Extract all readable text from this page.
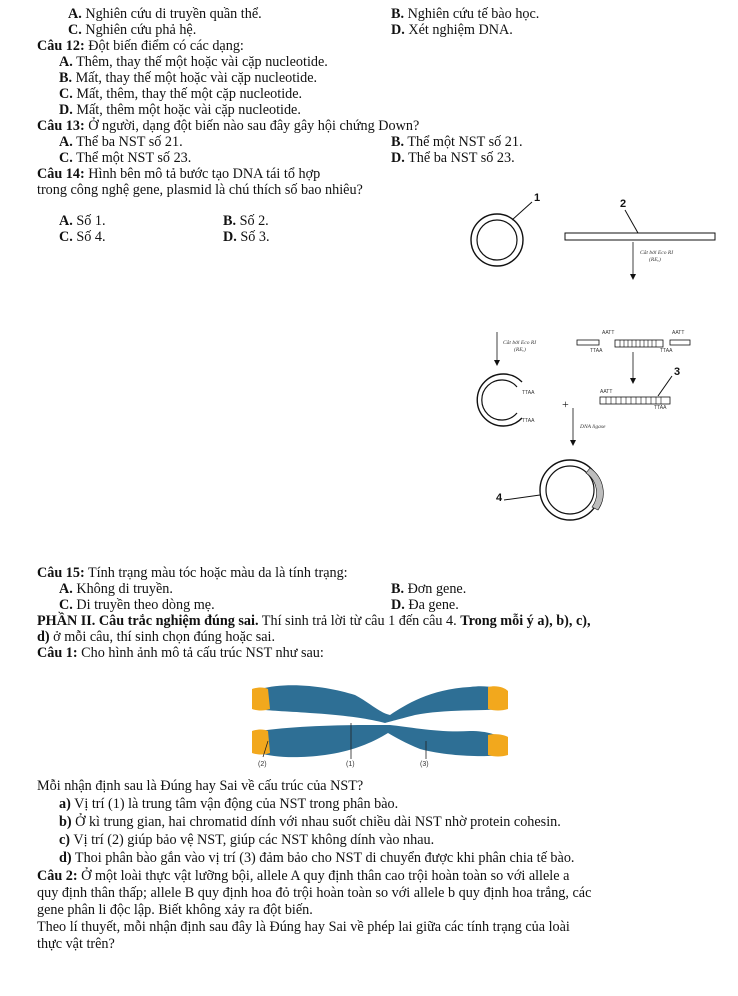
A. Nghiên cứu di truyền quần thể.	B. Nghiên cứu tế bào học.
C. Nghiên cứu phả hệ.	D. Xét nghiệm DNA.
Câu 12: Đột biến điểm có các dạng:
A. Thêm, thay thế một hoặc vài cặp nucleotide.
B. Mất, thay thế một hoặc vài cặp nucleotide.
C. Mất, thêm, thay thế một cặp nucleotide.
D. Mất, thêm một hoặc vài cặp nucleotide.
Câu 13: Ở người, dạng đột biến nào sau đây gây hội chứng Down?
A. Thể ba NST số 21.	B. Thể một NST số 21.
C. Thể một NST số 23.	D. Thể ba NST số 23.
Câu 14: Hình bên mô tả bước tạo DNA tái tổ hợp
trong công nghệ gene, plasmid là chú thích số bao nhiêu?
A. Số 1.	B. Số 2.
C. Số 4.	D. Số 3.
1	2
3
4
Cắt bởi Eco RI
(REₑ)
Cắt bởi Eco RI
(REₑ)
AATT	AATT
TTAA	TTAA
AATT
TTAA
TTAA
TTAA
+
DNA ligase
Câu 15: Tính trạng màu tóc hoặc màu da là tính trạng:
A. Không di truyền.	B. Đơn gene.
C. Di truyền theo dòng mẹ.	D. Đa gene.
PHẦN II. Câu trắc nghiệm đúng sai. Thí sinh trả lời từ câu 1 đến câu 4. Trong mỗi ý a), b), c),
d) ở mỗi câu, thí sinh chọn đúng hoặc sai.
Câu 1: Cho hình ảnh mô tả cấu trúc NST như sau:
(2)	(1)	(3)
Mỗi nhận định sau là Đúng hay Sai về cấu trúc của NST?
a) Vị trí (1) là trung tâm vận động của NST trong phân bào.
b) Ở kì trung gian, hai chromatid dính với nhau suốt chiều dài NST nhờ protein cohesin.
c) Vị trí (2) giúp bảo vệ NST, giúp các NST không dính vào nhau.
d) Thoi phân bào gắn vào vị trí (3) đảm bảo cho NST di chuyển được khi phân chia tế bào.
Câu 2: Ở một loài thực vật lưỡng bội, allele A quy định thân cao trội hoàn toàn so với allele a
quy định thân thấp; allele B quy định hoa đỏ trội hoàn toàn so với allele b quy định hoa trắng, các
gene phân li độc lập. Biết không xảy ra đột biến.
Theo lí thuyết, mỗi nhận định sau đây là Đúng hay Sai về phép lai giữa các tính trạng của loài
thực vật trên?
